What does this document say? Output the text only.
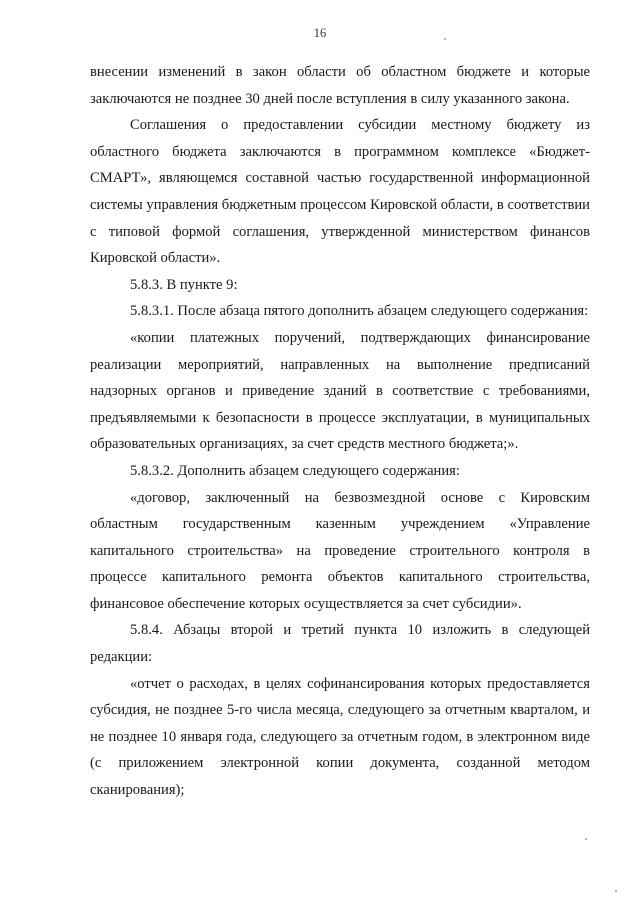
16

внесении изменений в закон области об областном бюджете и которые заключаются не позднее 30 дней после вступления в силу указанного закона.

Соглашения о предоставлении субсидии местному бюджету из областного бюджета заключаются в программном комплексе «Бюджет-СМАРТ», являющемся составной частью государственной информационной системы управления бюджетным процессом Кировской области, в соответствии с типовой формой соглашения, утвержденной министерством финансов Кировской области».

5.8.3. В пункте 9:

5.8.3.1. После абзаца пятого дополнить абзацем следующего содержания:

«копии платежных поручений, подтверждающих финансирование реализации мероприятий, направленных на выполнение предписаний надзорных органов и приведение зданий в соответствие с требованиями, предъявляемыми к безопасности в процессе эксплуатации, в муниципальных образовательных организациях, за счет средств местного бюджета;».

5.8.3.2. Дополнить абзацем следующего содержания:

«договор, заключенный на безвозмездной основе с Кировским областным государственным казенным учреждением «Управление капитального строительства» на проведение строительного контроля в процессе капитального ремонта объектов капитального строительства, финансовое обеспечение которых осуществляется за счет субсидии».

5.8.4. Абзацы второй и третий пункта 10 изложить в следующей редакции:

«отчет о расходах, в целях софинансирования которых предоставляется субсидия, не позднее 5-го числа месяца, следующего за отчетным кварталом, и не позднее 10 января года, следующего за отчетным годом, в электронном виде (с приложением электронной копии документа, созданной методом сканирования);
